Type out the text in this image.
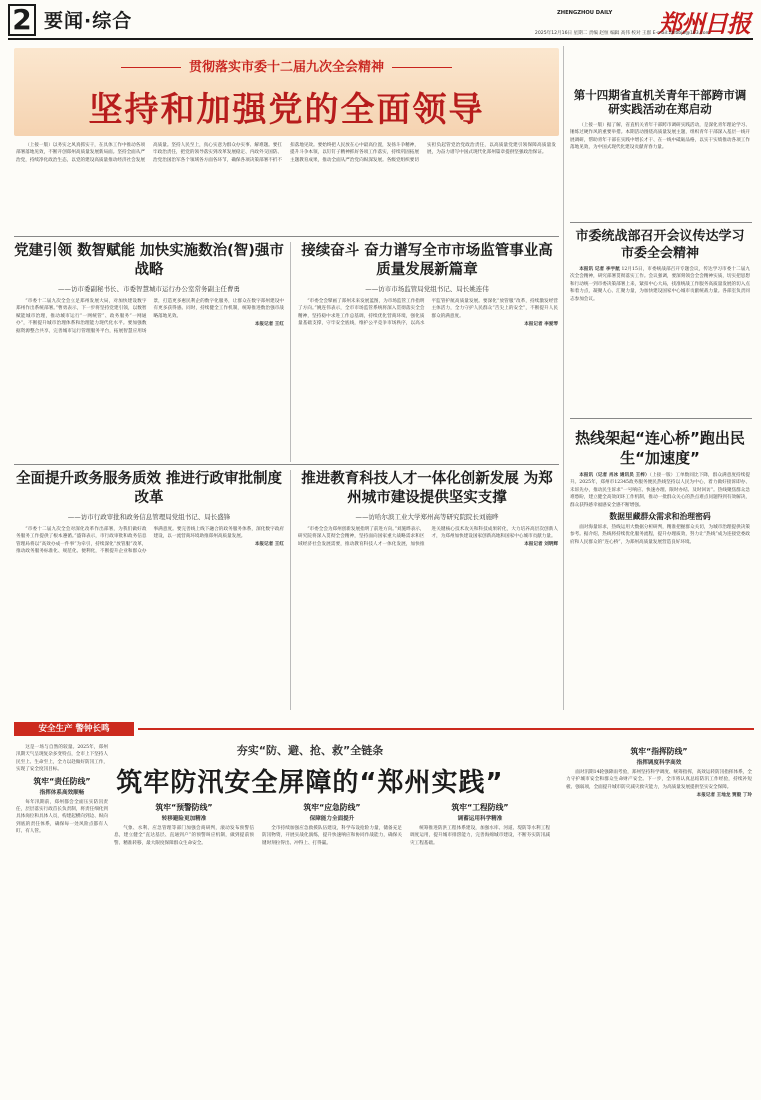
2 要闻·综合	ZHENGZHOU DAILY 郑州日报
2025年12月16日 星期二 责编 赵恒 编辑 高伟 校对 王群 E-mail:zzrbbjb@163.com
贯彻落实市委十二届九次全会精神
坚持和加强党的全面领导

（上接一版）以务实之风真抓实干，在具体工作中推动各项部署落地见效，不断开创郑州高质量发展新局面。坚持全面从严治党，持续净化政治生态，以党的建设高质量推动经济社会发展高质量。坚持人民至上，真心实意为群众办实事、解难题。要扛牢政治责任，把党的领导落实到改革发展稳定、内政外交国防、治党治国治军各个领域各方面各环节，确保各项决策部署不折不扣落地见效。要始终把人民放在心中最高位置，发扬斗争精神，提升斗争本领，以钉钉子精神抓好各项工作落实，持续巩固拓展主题教育成果，推动全面从严治党向纵深发展。各级党组织要切实担负起管党治党政治责任，以高质量党建引领保障高质量发展，为奋力谱写中国式现代化郑州篇章提供坚强政治保证。

第十四期省直机关青年干部跨市调研实践活动在郑启动

（上接一版）据了解，省直机关青年干部跨市调研实践活动，是深化青年理论学习、锤炼过硬作风的重要举措。本期活动围绕高质量发展主题，组织青年干部深入基层一线开展调研，帮助青年干部在实践中增长才干、在一线中砥砺品格，以实干实绩推动各项工作落地见效，为中国式现代化建设贡献青春力量。

市委统战部召开会议传达学习市委全会精神

本报讯 记者 李宇航 12月15日，市委统战部召开专题会议，传达学习市委十二届九次全会精神，研究部署贯彻落实工作。会议强调，要深刻领会全会精神实质，切实把思想和行动统一到市委决策部署上来，紧扣中心大局，找准统战工作服务高质量发展的切入点和着力点，凝聚人心、汇聚力量，为加快建设国家中心城市贡献统战力量。各部室负责同志参加会议。

热线架起“连心桥”跑出民生“加速度”

本报讯（记者 肖冰 通讯员 王梓）（上接一版）工单数同比下降，群众满意度持续提升。2025年，郑州市12345政务服务便民热线坚持以人民为中心，着力做好接诉即办、未诉先办，推动民生诉求“一号响应、快速办理、限时办结、及时回访”。热线聚焦群众急难愁盼，建立健全高效闭环工作机制，推动一批群众关心的热点难点问题得到有效解决，群众获得感幸福感安全感不断增强。

数据里藏群众需求和治理密码

面对海量诉求，热线运用大数据分析研判，精准把握群众关切，为城市治理提供决策参考。据介绍，热线将持续优化服务流程，提升办理质效，努力让“热线”成为连接党委政府和人民群众的“连心桥”，为郑州高质量发展营造良好环境。

党建引领 数智赋能 加快实施数治(智)强市战略
——访市委副秘书长、市委智慧城市运行办公室常务副主任曹勇

“市委十二届九次全会立足郑州发展大局，对加快建设数字郑州作出系统部署。”曹勇表示，下一步将坚持党建引领，以数智赋能城市治理，推动城市运行“一网统管”、政务服务“一网通办”，不断提升城市治理体系和治理能力现代化水平。要加强数据资源整合共享，完善城市运行管理服务平台，拓展智慧应用场景，打造更多惠民利企的数字化服务，让群众在数字郑州建设中有更多获得感。同时，持续健全工作机制，统筹推进数治强市战略落地见效。

本报记者 王红

接续奋斗 奋力谱写全市市场监管事业高质量发展新篇章
——访市市场监管局党组书记、局长姚连伟

“市委全会擘画了郑州未来发展蓝图，为市场监管工作指明了方向。”姚连伟表示，全市市场监管系统将深入贯彻落实全会精神，坚持稳中求进工作总基调，持续优化营商环境，强化质量基础支撑，守牢安全底线，维护公平竞争市场秩序，以高水平监管护航高质量发展。要深化“放管服”改革，持续激发经营主体活力，全力守护人民群众“舌尖上的安全”，不断提升人民群众的满意度。

本报记者 李爱琴

全面提升政务服务质效 推进行政审批制度改革
——访市行政审批和政务信息管理局党组书记、局长盛锋

“市委十二届九次全会对深化改革作出部署，为我们做好政务服务工作提供了根本遵循。”盛锋表示，市行政审批和政务信息管理局将以“高效办成一件事”为牵引，持续深化“放管服”改革，推动政务服务标准化、规范化、便利化，不断提升企业和群众办事满意度。要完善线上线下融合的政务服务体系，深化数字政府建设，以一流营商环境助推郑州高质量发展。

本报记者 王红

推进教育科技人才一体化创新发展 为郑州城市建设提供坚实支撑
——访哈尔滨工业大学郑州高等研究院院长刘施晔

“市委全会为郑州创新发展指明了前进方向。”刘施晔表示，研究院将深入贯彻全会精神，坚持面向国家重大战略需求和区域经济社会发展需要，推动教育科技人才一体化发展，加快推进关键核心技术攻关和科技成果转化，大力培养高层次创新人才，为郑州加快建设国家创新高地和国家中心城市贡献力量。

本报记者 刘明辉

安全生产 警钟长鸣
夯实“防、避、抢、救”全链条
筑牢防汛安全屏障的“郑州实践”

这是一场与自然的较量。2025年，郑州汛期天气呈现复杂多变特点，全市上下坚持人民至上、生命至上，全力以赴做好防汛工作，实现了安全度汛目标。

筑牢“责任防线”
指挥体系高效顺畅

每年汛期前，郑州都会全面压实防汛责任，层层落实行政首长负责制，将责任细化到具体岗位和具体人员，构建起横向到边、纵向到底的责任体系，确保每一处风险点都有人盯、有人管。

筑牢“预警防线”
转移避险更加精准

气象、水利、应急管理等部门加强会商研判，滚动发布预警信息，建立健全“直达基层、直通到户”的预警叫应机制，做到提前预警、精准转移，最大限度保障群众生命安全。

筑牢“应急防线”
保障能力全面提升

全市持续加强应急救援队伍建设，科学布设抢险力量，储备充足防汛物资，开展实战化演练，提升快速响应和协同作战能力，确保关键时刻拉得出、冲得上、打得赢。

筑牢“工程防线”
调蓄运用科学精准

统筹推进防洪工程体系建设，加强水库、河道、堤防等水利工程调度运用，提升城市排涝能力，完善海绵城市建设，不断夯实防汛减灾工程基础。

筑牢“指挥防线”
指挥调度科学高效

面对汛期14轮强降雨考验，郑州坚持科学调度、统筹指挥，高效运转防汛指挥体系，全力守护城市安全和群众生命财产安全。下一步，全市将认真总结防汛工作经验，持续补短板、强弱项，全面提升城市防灾减灾救灾能力，为高质量发展提供坚实安全保障。

本报记者 王地龙 贾毅 丁玲
